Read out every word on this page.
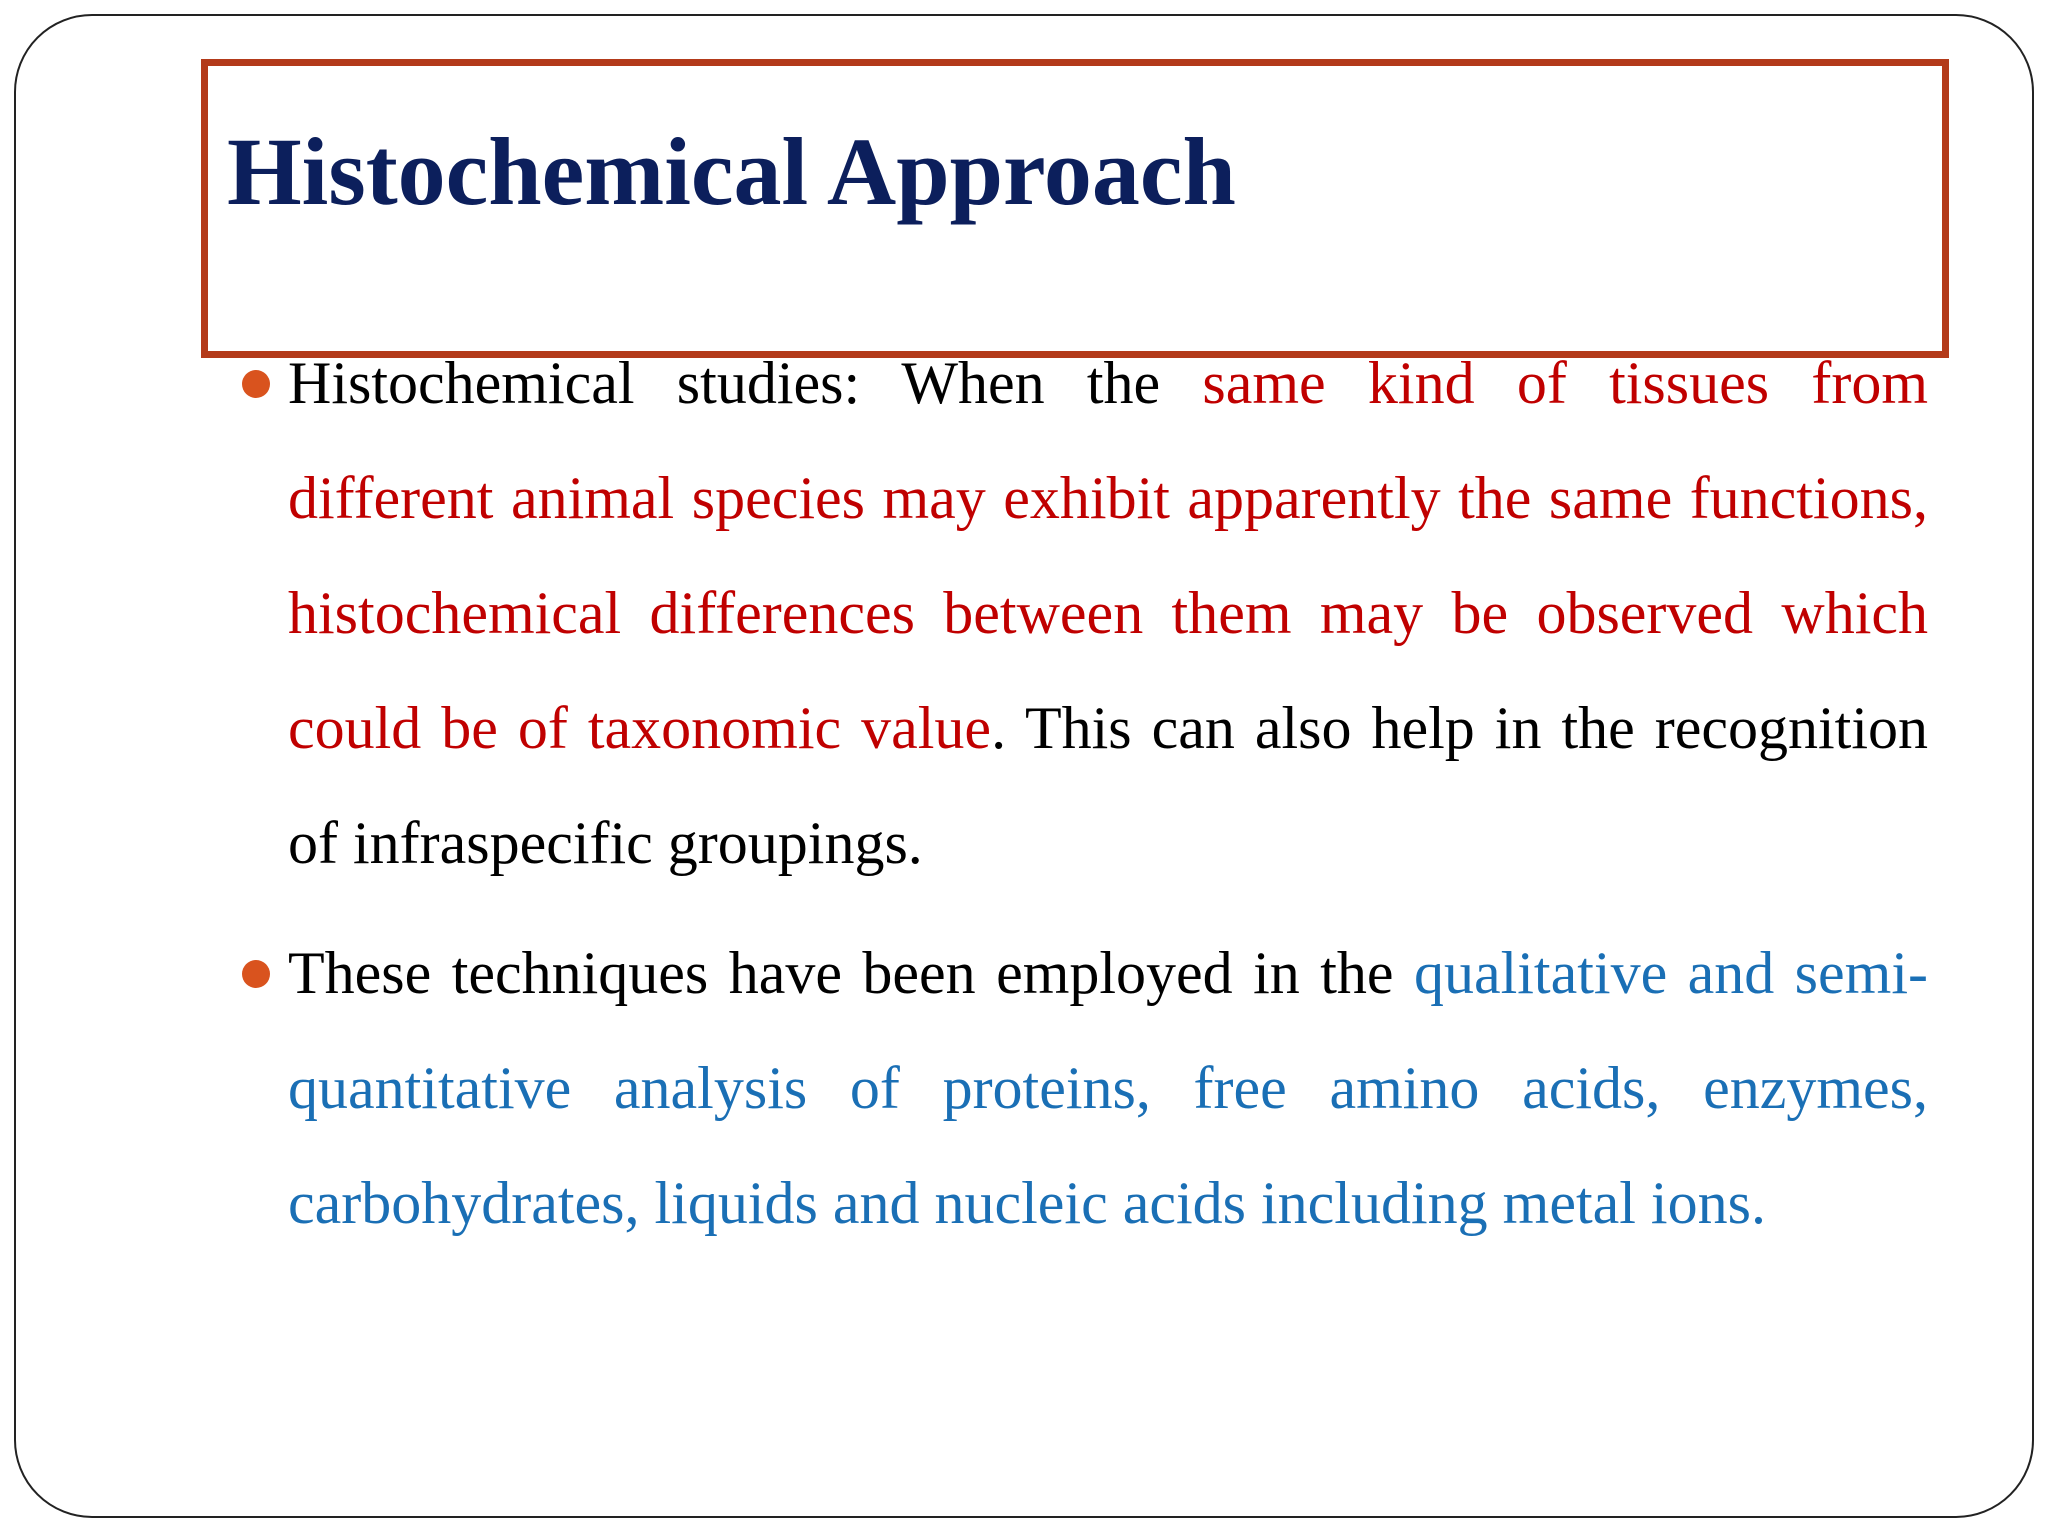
Histochemical Approach
Histochemical studies: When the same kind of tissues from different animal species may exhibit apparently the same functions, histochemical differences between them may be observed which could be of taxonomic value. This can also help in the recognition of infraspecific groupings.
These techniques have been employed in the qualitative and semi-quantitative analysis of proteins, free amino acids, enzymes, carbohydrates, liquids and nucleic acids including metal ions.
